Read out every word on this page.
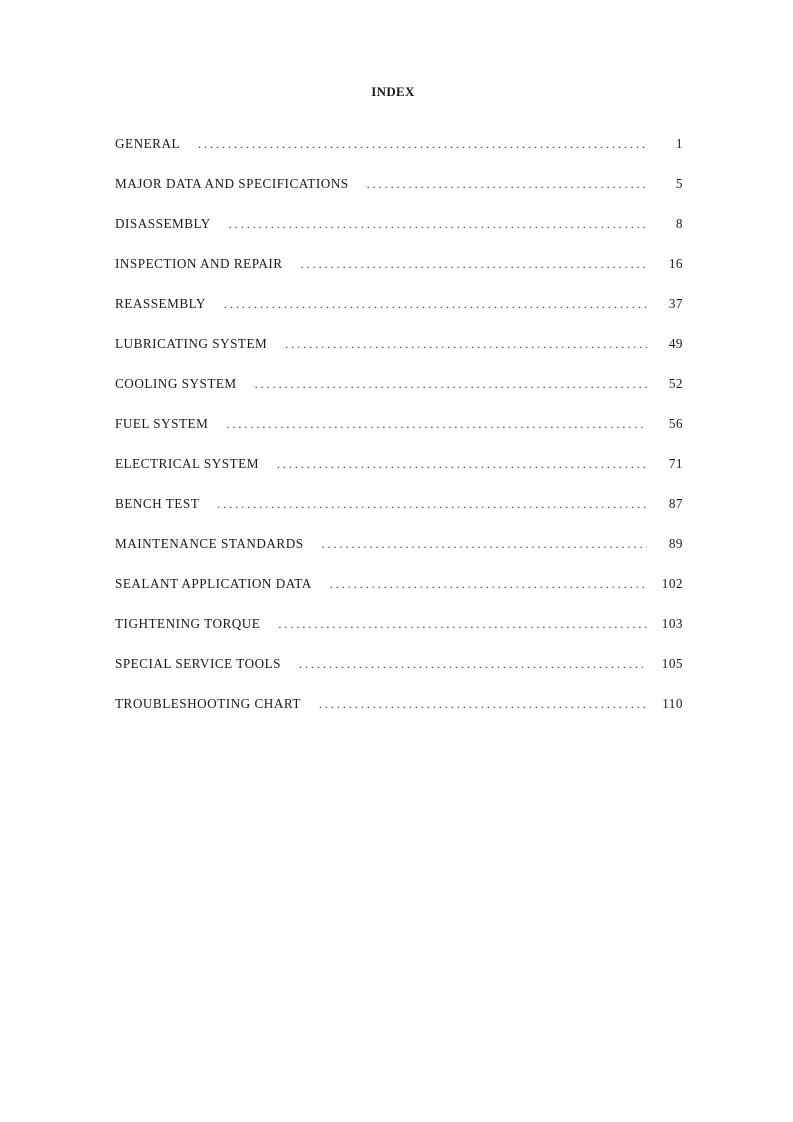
INDEX
GENERAL . . .	1
MAJOR DATA AND SPECIFICATIONS . . .	5
DISASSEMBLY . . .	8
INSPECTION AND REPAIR . . .	16
REASSEMBLY . . .	37
LUBRICATING SYSTEM . . .	49
COOLING SYSTEM . . .	52
FUEL SYSTEM . . .	56
ELECTRICAL SYSTEM . . .	71
BENCH TEST . . .	87
MAINTENANCE STANDARDS . . .	89
SEALANT APPLICATION DATA . . .	102
TIGHTENING TORQUE . . .	103
SPECIAL SERVICE TOOLS . . .	105
TROUBLESHOOTING CHART . . .	110
